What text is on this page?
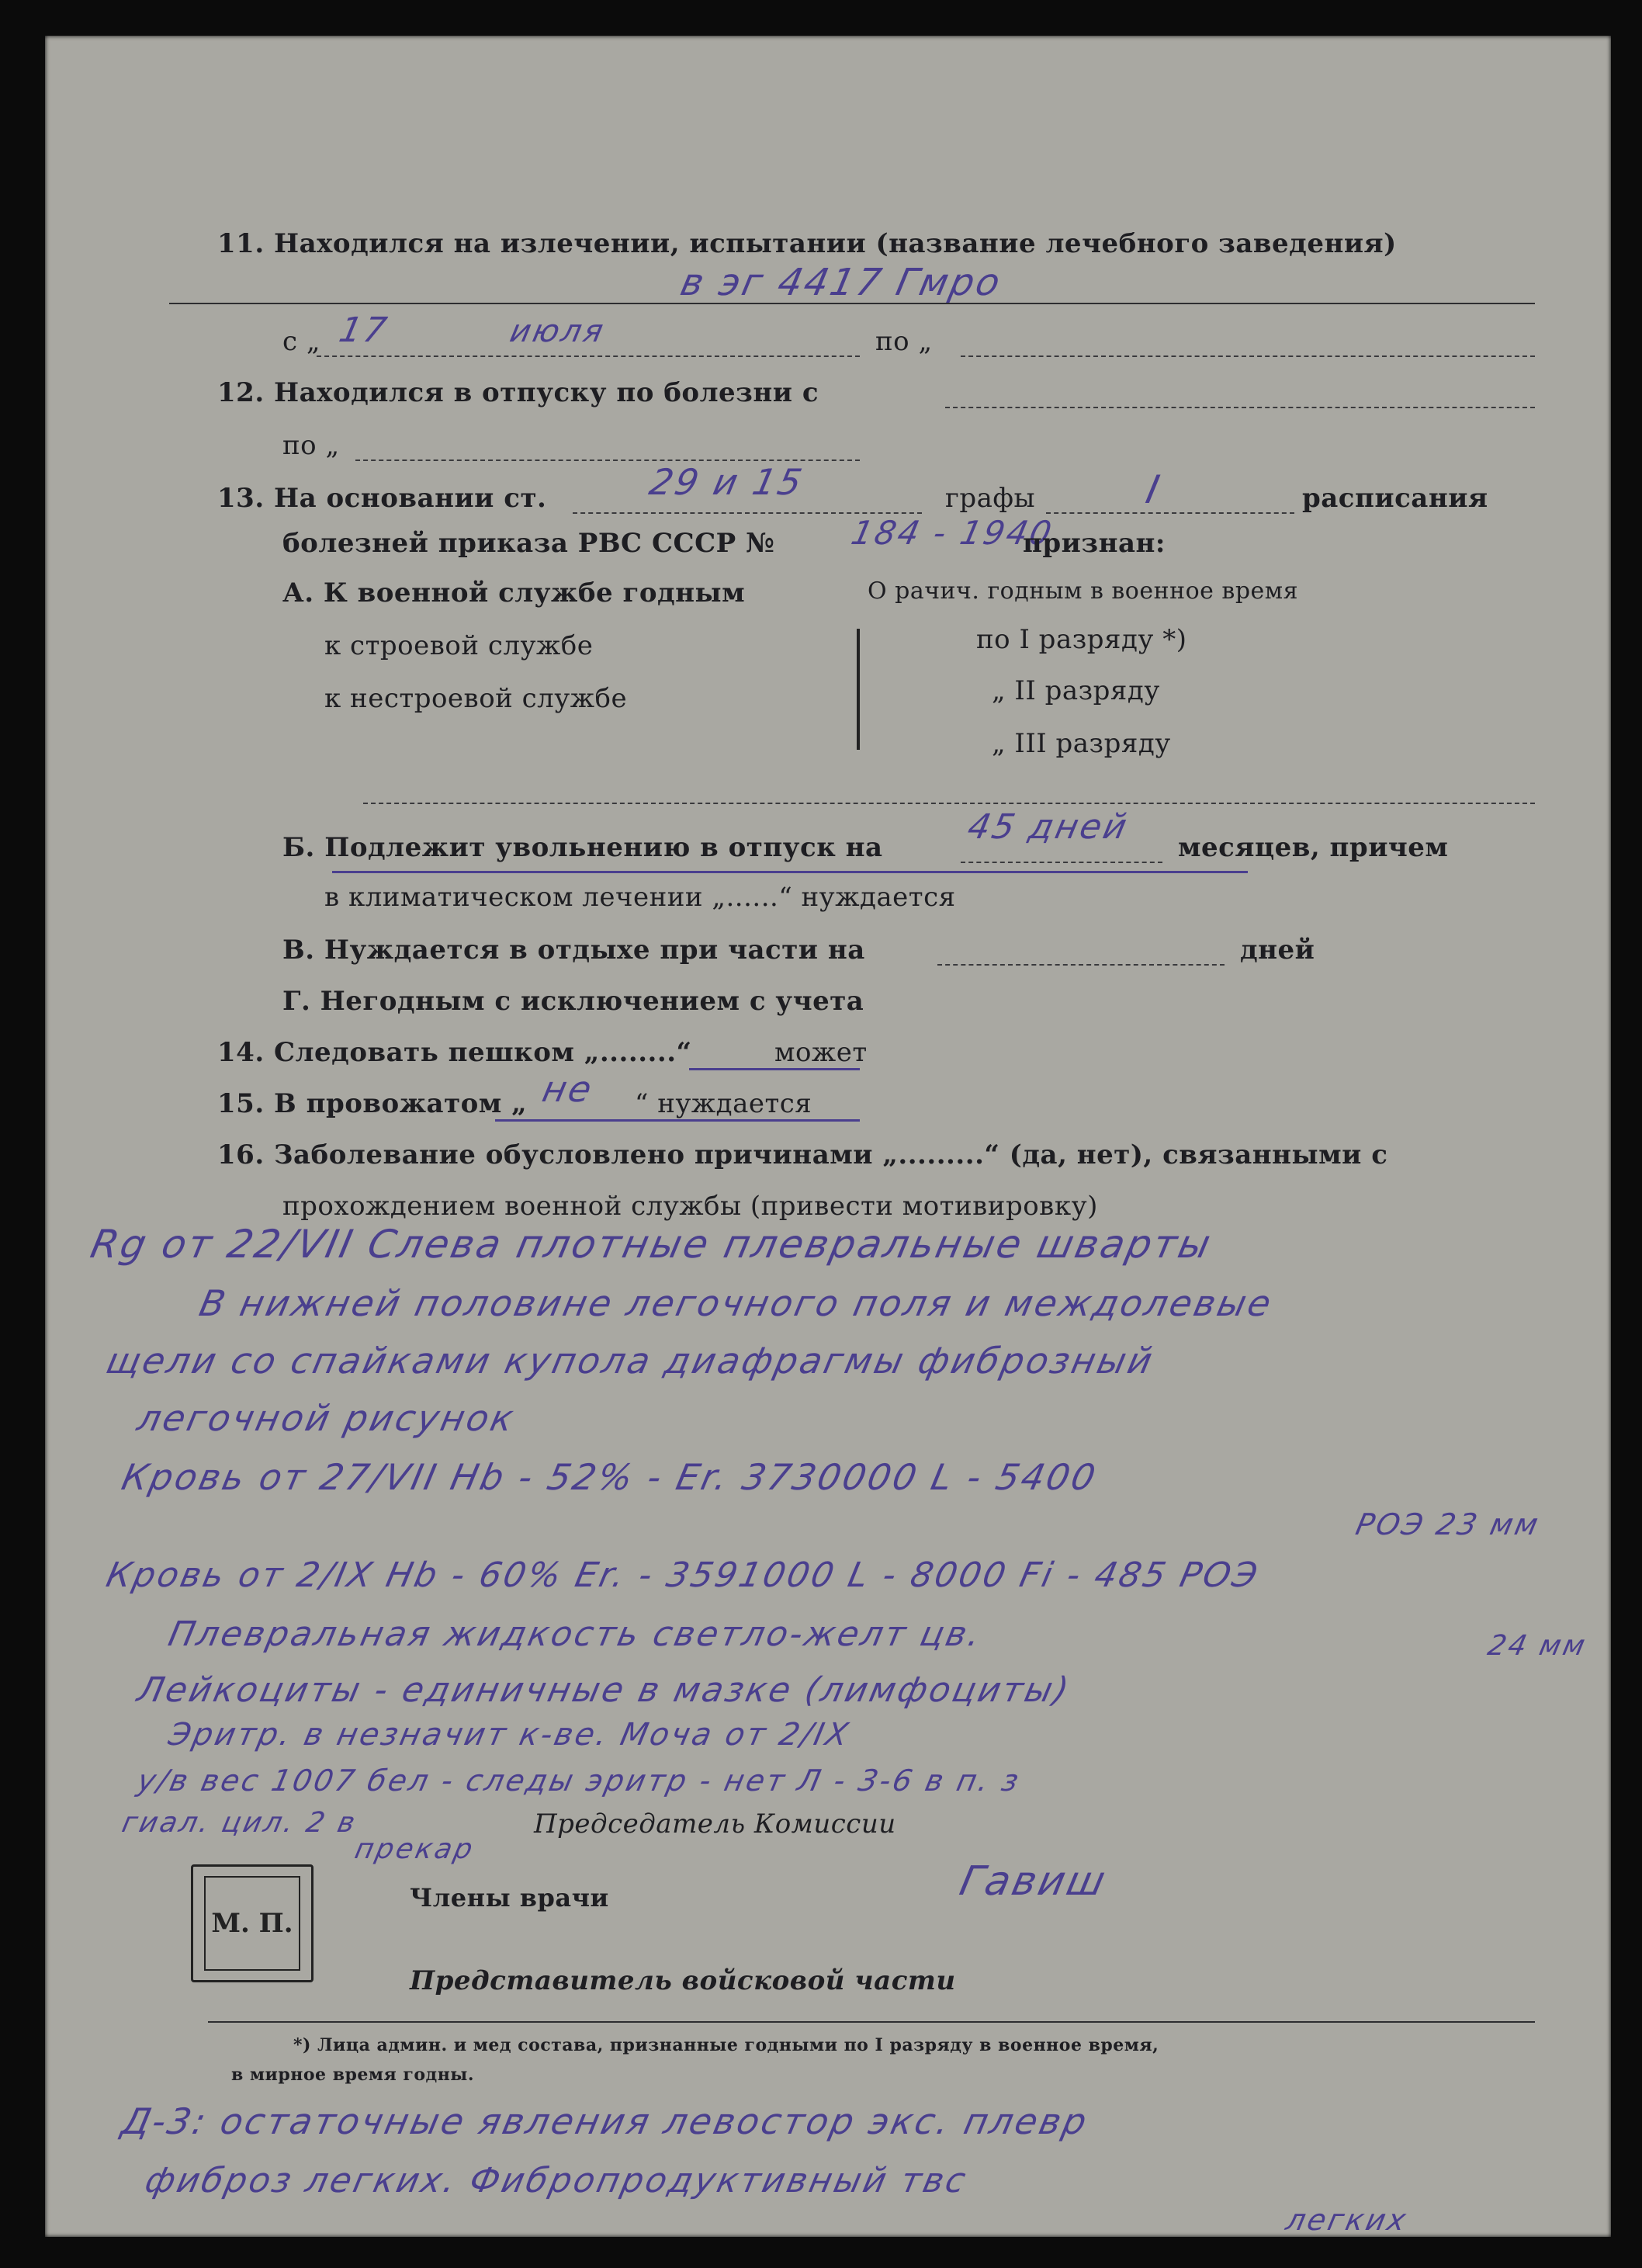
11. Находился на излечении, испытании (название лечебного заведения)
в эг 4417 Гмро
с „ 17	июля	по „
12. Находился в отпуску по болезни с
по „
13. На основании ст.	29 и 15	графы	I	расписания
болезней приказа РВС СССР № 184 - 1940
признан:
А. К военной службе годным
к строевой службе
к нестроевой службе
О рачич. годным в военное время
по I разряду *)
„ II разряду
„ III разряду
Б. Подлежит увольнению в отпуск на
45 дней
месяцев, причем
в климатическом лечении „......“ нуждается
В. Нуждается в отдыхе при части на	дней
Г. Негодным с исключением с учета
14. Следовать пешком „........“	может
15. В провожатом „ не “ нуждается
16. Заболевание обусловлено причинами „.........“ (да, нет), связанными с
прохождением военной службы (привести мотивировку)
Rg от 22/VII Слева плотные плевральные шварты
В нижней половине легочного поля и междолевые
щели со спайками купола диафрагмы фиброзный
легочной рисунок
Кровь от 27/VII Hb - 52% - Er. 3730000 L - 5400
РОЭ 23 мм
Кровь от 2/IX Hb - 60% Er. - 3591000 L - 8000 Fi - 485 РОЭ
Плевральная жидкость светло-желт цв.	24 мм
Лейкоциты - единичные в мазке (лимфоциты)
Эритр. в незначит к-ве. Моча от 2/IX
у/в вес 1007 бел - следы эритр - нет Л - 3-6 в п. з
гиал. цил. 2 в	Председатель Комиссии
прекар
Гавиш
М. П.
Члены врачи
Представитель войсковой части
*) Лица админ. и мед состава, признанные годными по I разряду в военное время,
в мирное время годны.
Д-3: остаточные явления левостор экс. плевр
фиброз легких. Фибропродуктивный твс
легких
